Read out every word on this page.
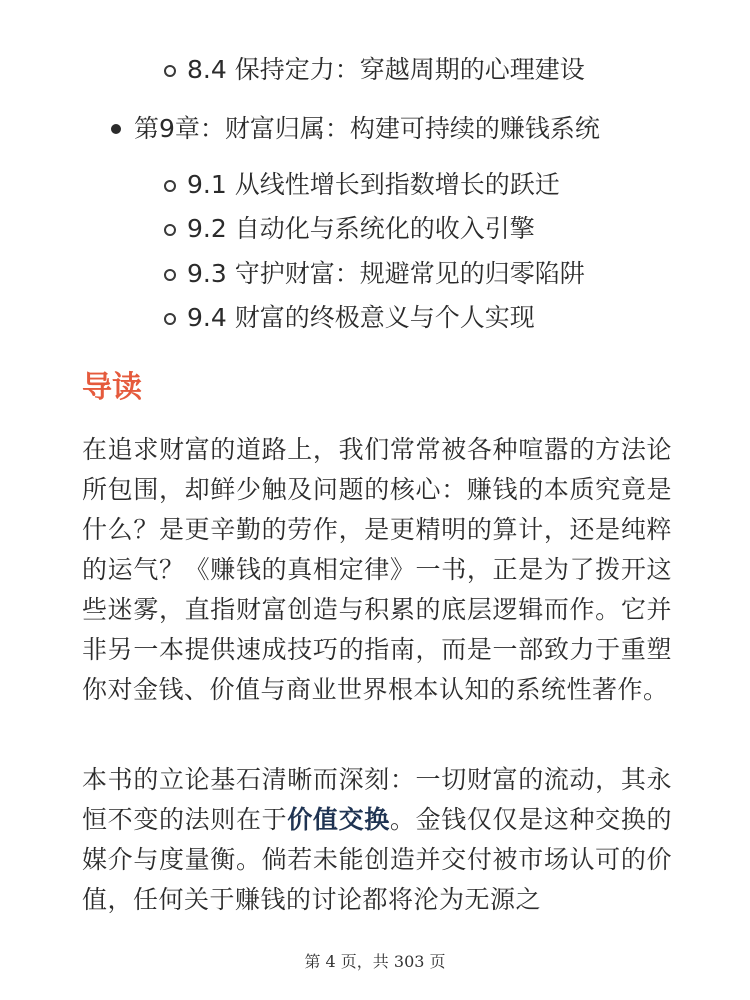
8.4 保持定力：穿越周期的心理建设
第9章：财富归属：构建可持续的赚钱系统
9.1 从线性增长到指数增长的跃迁
9.2 自动化与系统化的收入引擎
9.3 守护财富：规避常见的归零陷阱
9.4 财富的终极意义与个人实现
导读

在追求财富的道路上，我们常常被各种喧嚣的方法论所包围，却鲜少触及问题的核心：赚钱的本质究竟是什么？是更辛勤的劳作，是更精明的算计，还是纯粹的运气？《赚钱的真相定律》一书，正是为了拨开这些迷雾，直指财富创造与积累的底层逻辑而作。它并非另一本提供速成技巧的指南，而是一部致力于重塑你对金钱、价值与商业世界根本认知的系统性著作。

本书的立论基石清晰而深刻：一切财富的流动，其永恒不变的法则在于价值交换。金钱仅仅是这种交换的媒介与度量衡。倘若未能创造并交付被市场认可的价值，任何关于赚钱的讨论都将沦为无源之

第 4 页，共 303 页
